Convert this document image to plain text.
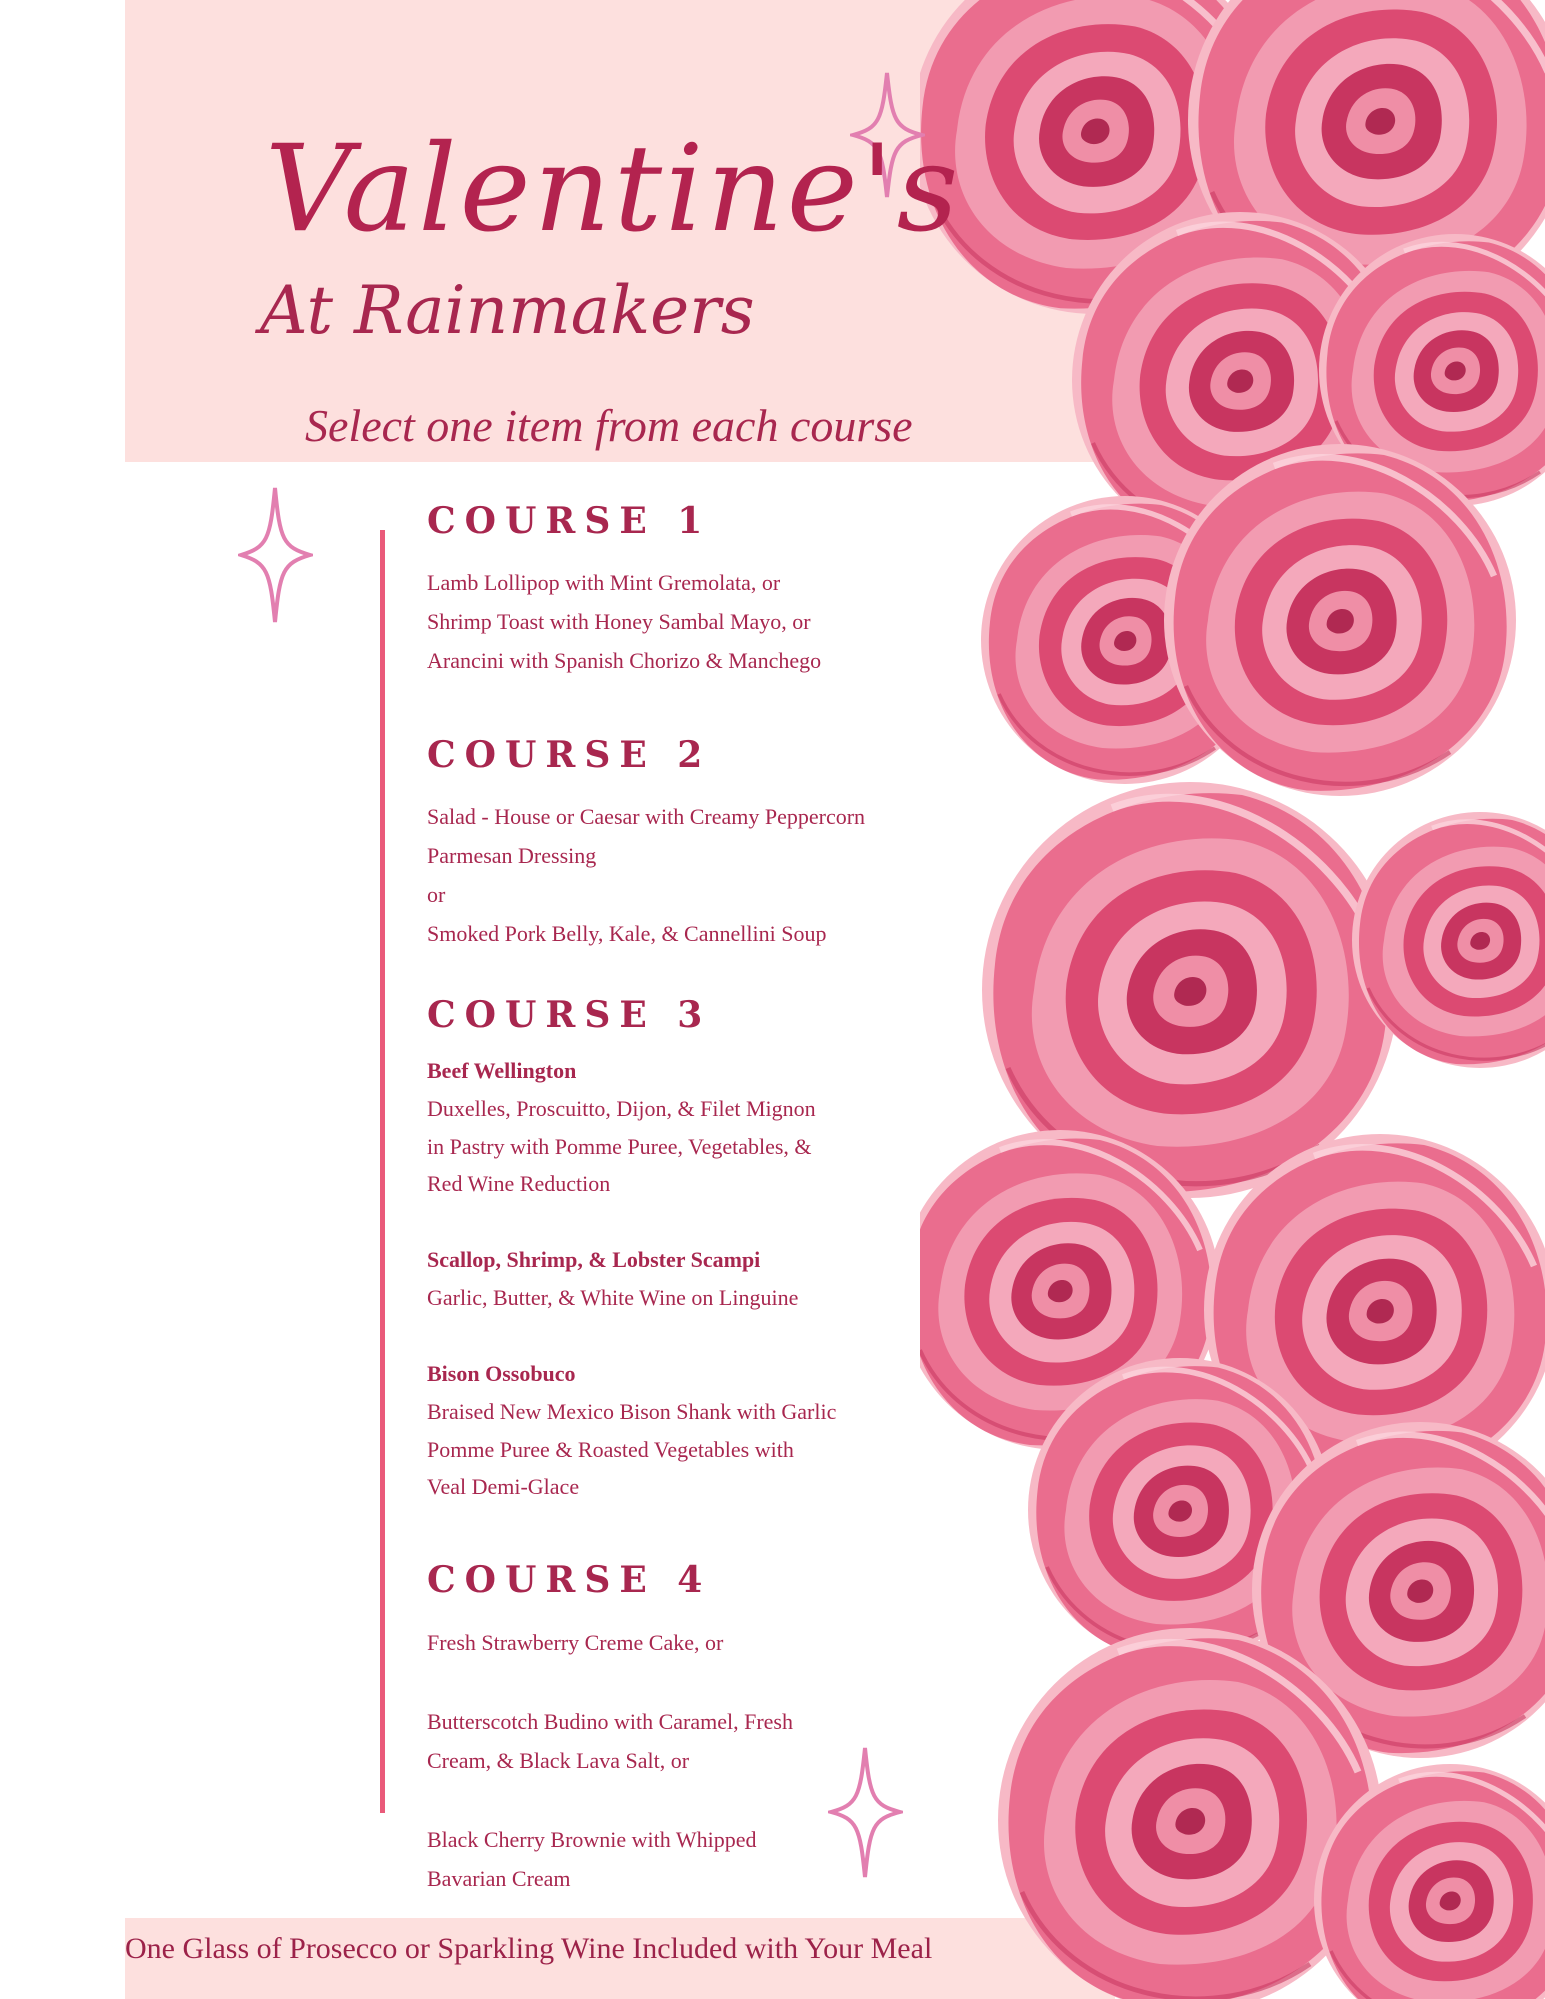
Valentine's
At Rainmakers
Select one item from each course
COURSE 1
Lamb Lollipop with Mint Gremolata, or
Shrimp Toast with Honey Sambal Mayo, or
Arancini with Spanish Chorizo & Manchego
COURSE 2
Salad - House or Caesar with Creamy Peppercorn
Parmesan Dressing
or
Smoked Pork Belly, Kale, & Cannellini Soup
COURSE 3
Beef Wellington
Duxelles, Proscuitto, Dijon, & Filet Mignon
in Pastry with Pomme Puree, Vegetables, &
Red Wine Reduction
Scallop, Shrimp, & Lobster Scampi
Garlic, Butter, & White Wine on Linguine
Bison Ossobuco
Braised New Mexico Bison Shank with Garlic
Pomme Puree & Roasted Vegetables with
Veal Demi-Glace
COURSE 4
Fresh Strawberry Creme Cake, or
Butterscotch Budino with Caramel, Fresh
Cream, & Black Lava Salt, or
Black Cherry Brownie with Whipped
Bavarian Cream
One Glass of Prosecco or Sparkling Wine Included with Your Meal
